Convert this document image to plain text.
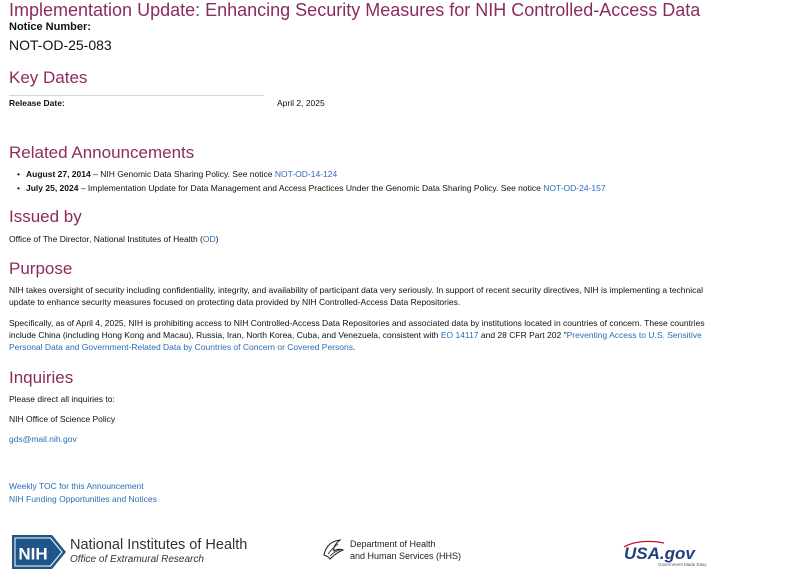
Implementation Update: Enhancing Security Measures for NIH Controlled-Access Data
Notice Number:
NOT-OD-25-083
Key Dates
Release Date:	April 2, 2025
Related Announcements
• August 27, 2014 – NIH Genomic Data Sharing Policy. See notice NOT-OD-14-124
• July 25, 2024 – Implementation Update for Data Management and Access Practices Under the Genomic Data Sharing Policy. See notice NOT-OD-24-157
Issued by

Office of The Director, National Institutes of Health (OD)

Purpose

NIH takes oversight of security including confidentiality, integrity, and availability of participant data very seriously. In support of recent security directives, NIH is implementing a technical
update to enhance security measures focused on protecting data provided by NIH Controlled-Access Data Repositories.

Specifically, as of April 4, 2025, NIH is prohibiting access to NIH Controlled-Access Data Repositories and associated data by institutions located in countries of concern. These countries
include China (including Hong Kong and Macau), Russia, Iran, North Korea, Cuba, and Venezuela, consistent with EO 14117 and 28 CFR Part 202 "Preventing Access to U.S. Sensitive
Personal Data and Government-Related Data by Countries of Concern or Covered Persons.

Inquiries

Please direct all inquiries to:

NIH Office of Science Policy

gds@mail.nih.gov
Weekly TOC for this Announcement
NIH Funding Opportunities and Notices
NIH National Institutes of Health
Office of Extramural Research
Department of Health
and Human Services (HHS)	USA.gov
Government Made Easy
